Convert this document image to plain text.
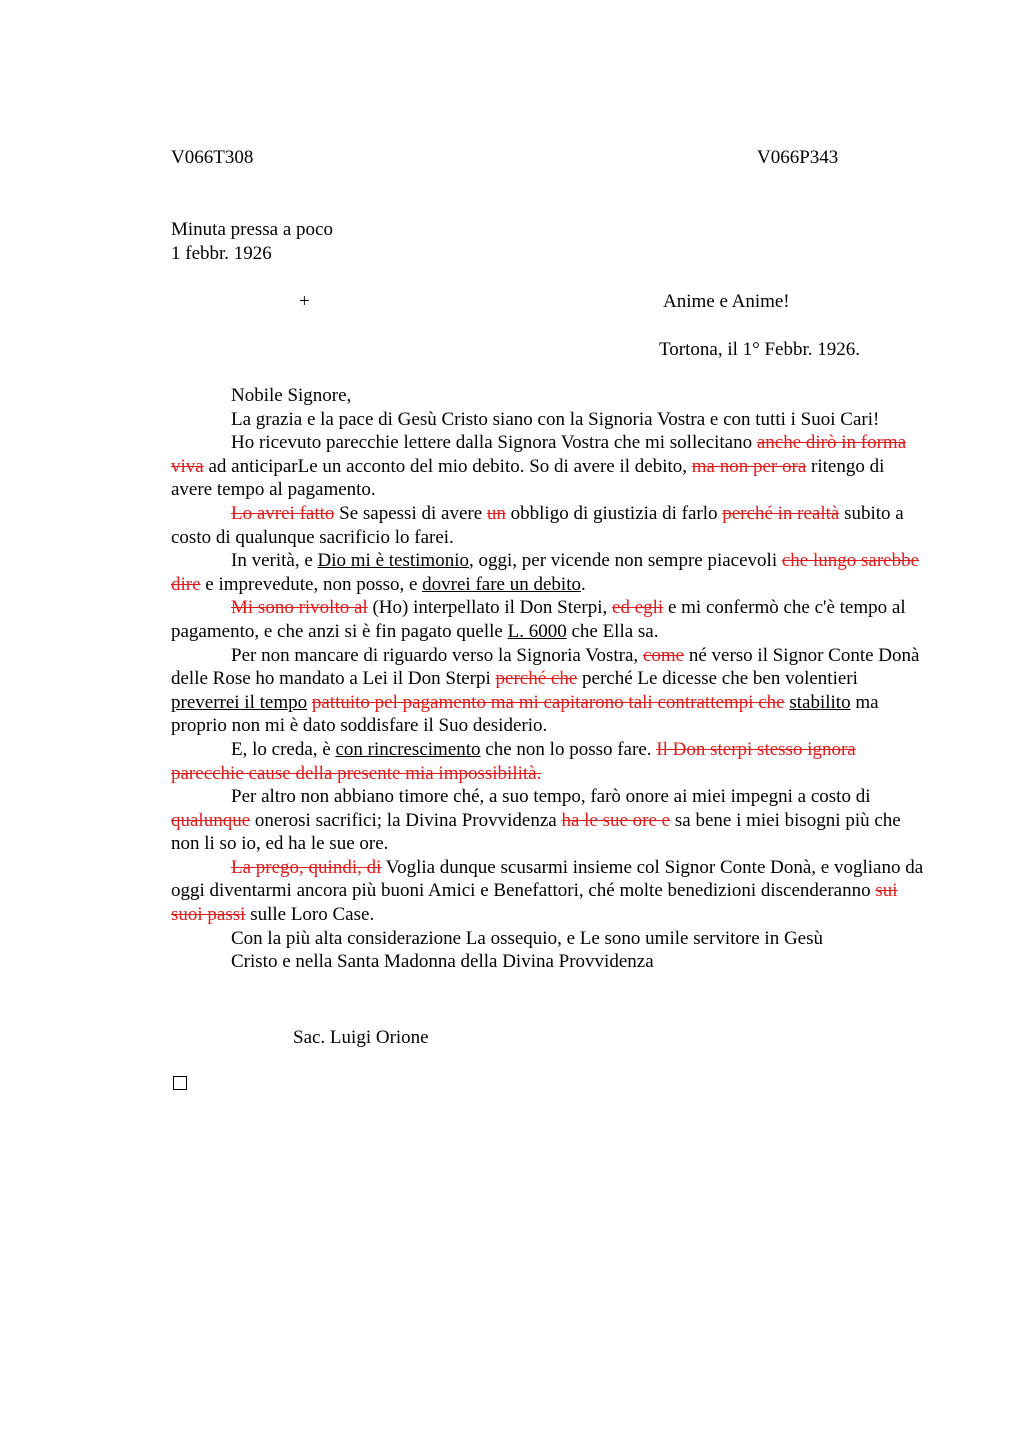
V066T308	V066P343
Minuta pressa a poco
1 febbr. 1926
+	Anime e Anime!
Tortona, il 1° Febbr. 1926.

Nobile Signore,

La grazia e la pace di Gesù Cristo siano con la Signoria Vostra e con tutti i Suoi Cari!

Ho ricevuto parecchie lettere dalla Signora Vostra che mi sollecitano anche dirò in forma viva ad anticiparLe un acconto del mio debito. So di avere il debito, ma non per ora ritengo di avere tempo al pagamento.

Lo avrei fatto Se sapessi di avere un obbligo di giustizia di farlo perché in realtà subito a costo di qualunque sacrificio lo farei.

In verità, e Dio mi è testimonio, oggi, per vicende non sempre piacevoli che lungo sarebbe dire e imprevedute, non posso, e dovrei fare un debito.

Mi sono rivolto al (Ho) interpellato il Don Sterpi, ed egli e mi confermò che c'è tempo al pagamento, e che anzi si è fin pagato quelle L. 6000 che Ella sa.

Per non mancare di riguardo verso la Signoria Vostra, come né verso il Signor Conte Donà delle Rose ho mandato a Lei il Don Sterpi perché che perché Le dicesse che ben volentieri preverrei il tempo pattuito pel pagamento ma mi capitarono tali contrattempi che stabilito ma proprio non mi è dato soddisfare il Suo desiderio.

E, lo creda, è con rincrescimento che non lo posso fare. Il Don sterpi stesso ignora parecchie cause della presente mia impossibilità.

Per altro non abbiano timore ché, a suo tempo, farò onore ai miei impegni a costo di qualunque onerosi sacrifici; la Divina Provvidenza ha le sue ore e sa bene i miei bisogni più che non li so io, ed ha le sue ore.

La prego, quindi, di Voglia dunque scusarmi insieme col Signor Conte Donà, e vogliano da oggi diventarmi ancora più buoni Amici e Benefattori, ché molte benedizioni discenderanno sui suoi passi sulle Loro Case.

Con la più alta considerazione La ossequio, e Le sono umile servitore in Gesù

Cristo e nella Santa Madonna della Divina Provvidenza

Sac. Luigi Orione
